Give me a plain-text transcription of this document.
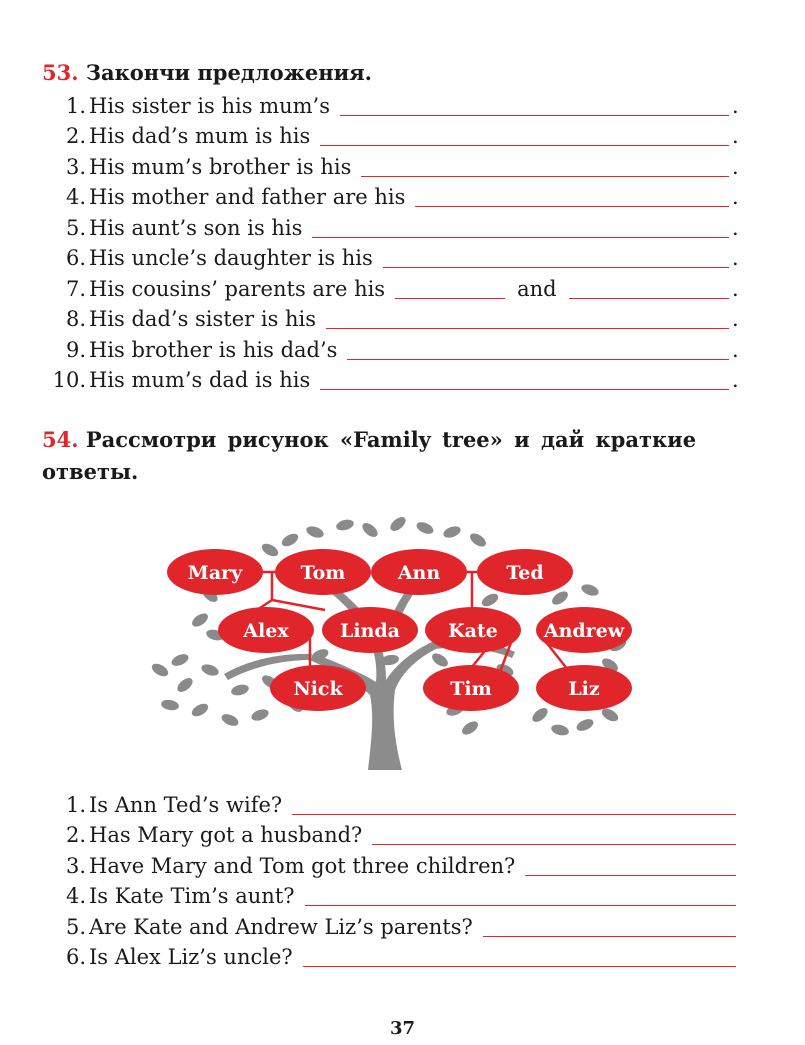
53. Закончи предложения.
1. His sister is his mum’s	.
2. His dad’s mum is his	.
3. His mum’s brother is his	.
4. His mother and father are his	.
5. His aunt’s son is his	.
6. His uncle’s daughter is his	.
7. His cousins’ parents are his	and	.
8. His dad’s sister is his	.
9. His brother is his dad’s	.
10. His mum’s dad is his	.
54. Рассмотри рисунок «Family tree» и дай краткие
ответы.
Mary	Tom	Ann	Ted
Alex	Linda	Kate Andrew
Nick	Tim	Liz
1. Is Ann Ted’s wife?
2. Has Mary got a husband?
3. Have Mary and Tom got three children?
4. Is Kate Tim’s aunt?
5. Are Kate and Andrew Liz’s parents?
6. Is Alex Liz’s uncle?
37
